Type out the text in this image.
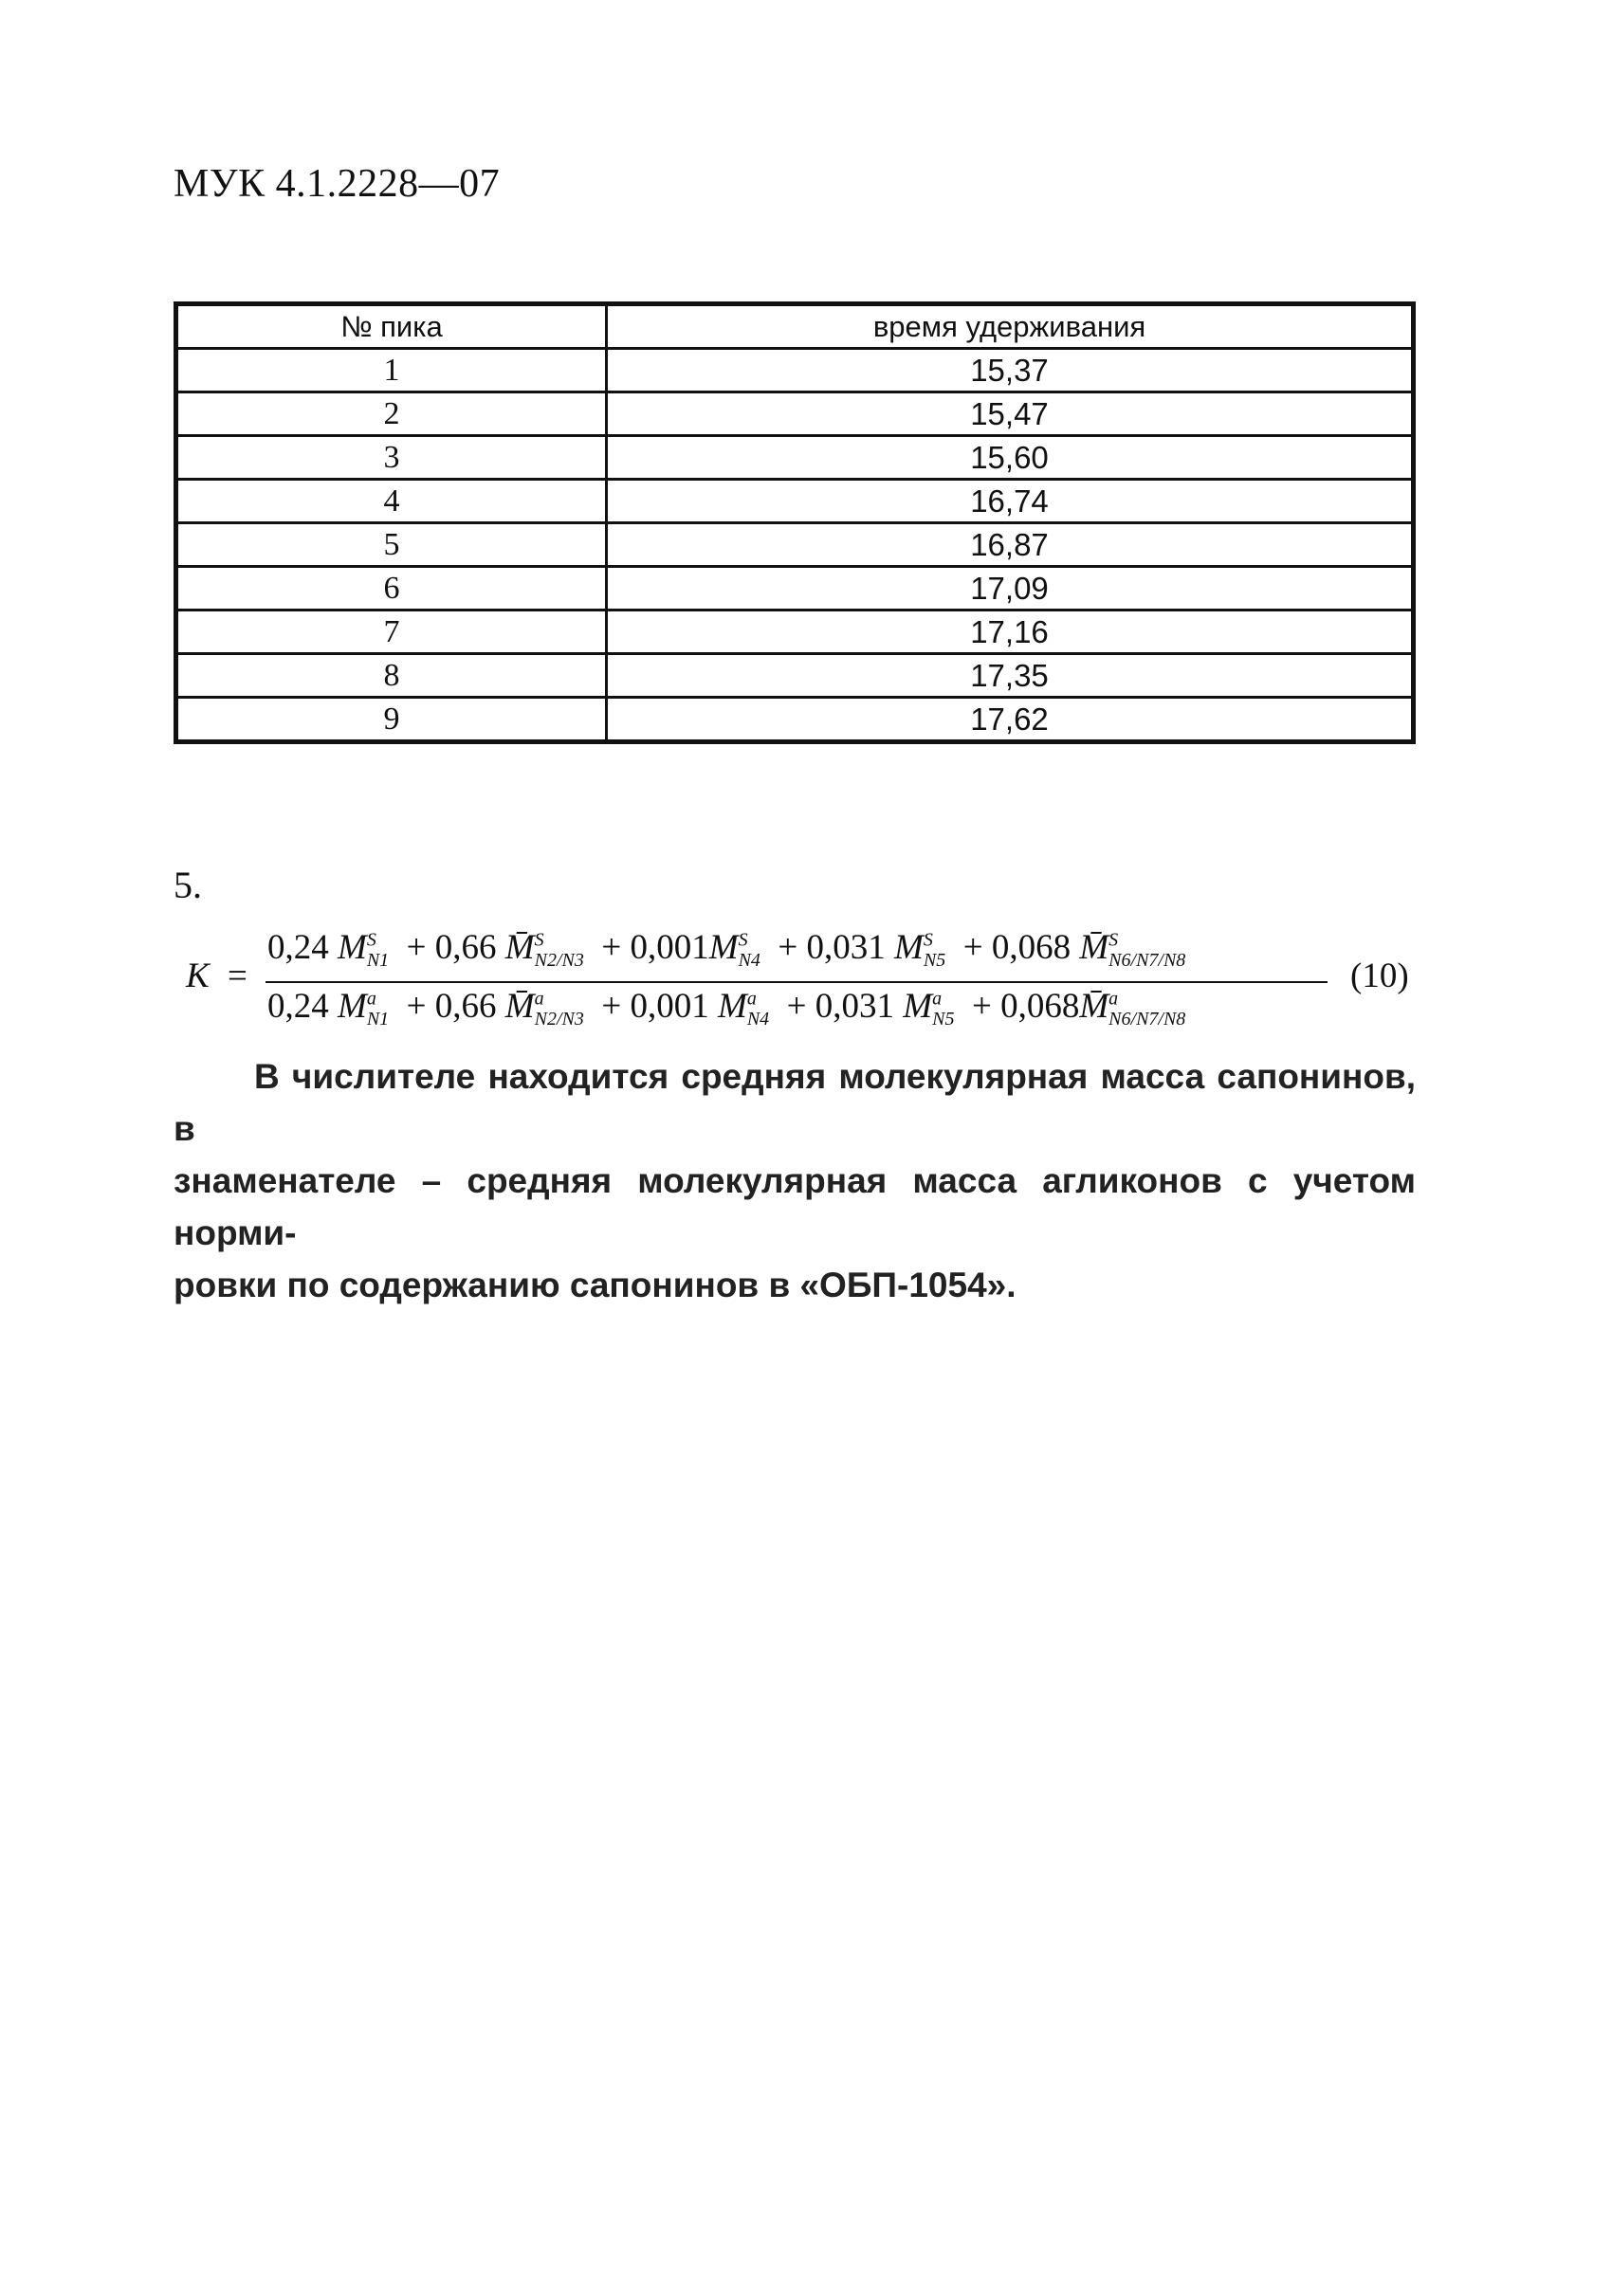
МУК 4.1.2228—07
№ пика	время удерживания
1	15,37
2	15,47
3	15,60
4	16,74
5	16,87
6	17,09
7	17,16
8	17,35
9	17,62
5.
K =
0,24 $M^S_{N1} + 0,66$ M̄$^S_{N2/N3}$  + $0,001M^S_{N4} + 0,031$ $M^S_{N5} + 0,068$ M̄$^S_{N6/N7/N8}$
0,24 $M^a_{N1} + 0,66$ M̄$^a_{N2/N3}$  + 0,001 $M^a_{N4} + 0,031$ $M^a_{N5}$  + 0,068M̄$^a_{N6/N7/N8}$
(10)
В числителе находится средняя молекулярная масса сапонинов, в
знаменателе – средняя молекулярная масса агликонов с учетом норми-
ровки по содержанию сапонинов в «ОБП-1054».
